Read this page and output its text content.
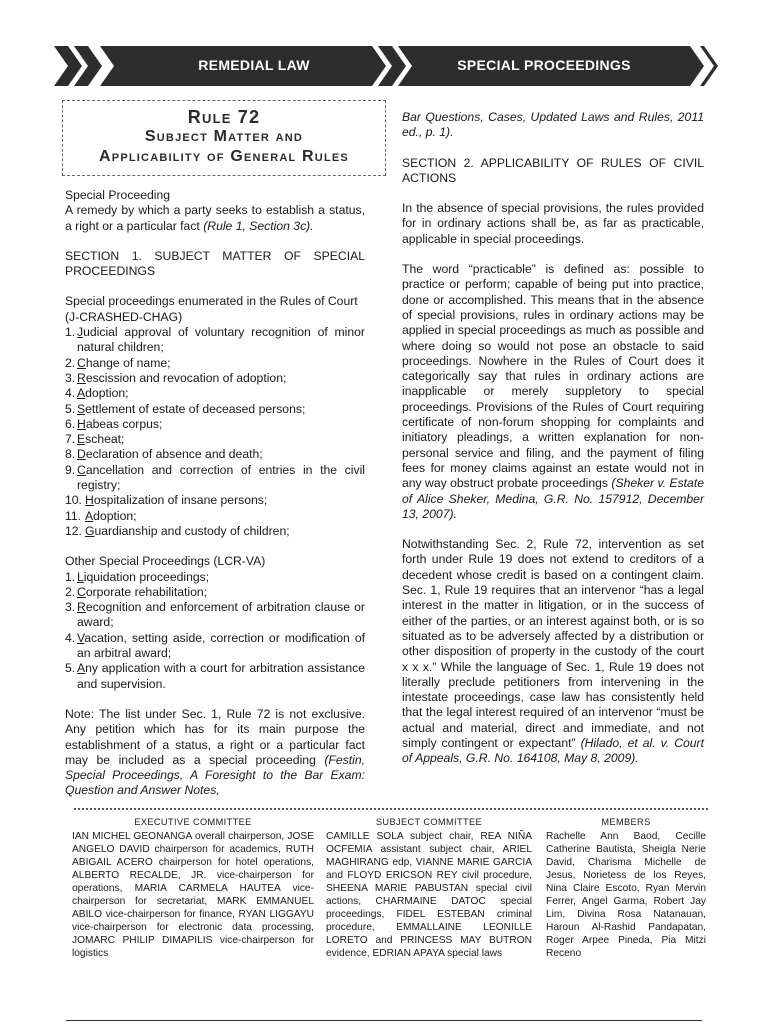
REMEDIAL LAW	SPECIAL PROCEEDINGS
Rule 72
Subject Matter and
Applicability of General Rules
Special Proceeding
A remedy by which a party seeks to establish a status, a right or a particular fact (Rule 1, Section 3c).
SECTION 1. SUBJECT MATTER OF SPECIAL PROCEEDINGS
Special proceedings enumerated in the Rules of Court
(J-CRASHED-CHAG)
1. Judicial approval of voluntary recognition of minor natural children;
2. Change of name;
3. Rescission and revocation of adoption;
4. Adoption;
5. Settlement of estate of deceased persons;
6. Habeas corpus;
7. Escheat;
8. Declaration of absence and death;
9. Cancellation and correction of entries in the civil registry;
10. Hospitalization of insane persons;
11. Adoption;
12. Guardianship and custody of children;
Other Special Proceedings (LCR-VA)
1. Liquidation proceedings;
2. Corporate rehabilitation;
3. Recognition and enforcement of arbitration clause or award;
4. Vacation, setting aside, correction or modification of an arbitral award;
5. Any application with a court for arbitration assistance and supervision.
Note: The list under Sec. 1, Rule 72 is not exclusive. Any petition which has for its main purpose the establishment of a status, a right or a particular fact may be included as a special proceeding (Festin, Special Proceedings, A Foresight to the Bar Exam: Question and Answer Notes,
Bar Questions, Cases, Updated Laws and Rules, 2011 ed., p. 1).
SECTION 2. APPLICABILITY OF RULES OF CIVIL ACTIONS
In the absence of special provisions, the rules provided for in ordinary actions shall be, as far as practicable, applicable in special proceedings.
The word “practicable” is defined as: possible to practice or perform; capable of being put into practice, done or accomplished. This means that in the absence of special provisions, rules in ordinary actions may be applied in special proceedings as much as possible and where doing so would not pose an obstacle to said proceedings. Nowhere in the Rules of Court does it categorically say that rules in ordinary actions are inapplicable or merely suppletory to special proceedings. Provisions of the Rules of Court requiring certificate of non-forum shopping for complaints and initiatory pleadings, a written explanation for non-personal service and filing, and the payment of filing fees for money claims against an estate would not in any way obstruct probate proceedings (Sheker v. Estate of Alice Sheker, Medina, G.R. No. 157912, December 13, 2007).
Notwithstanding Sec. 2, Rule 72, intervention as set forth under Rule 19 does not extend to creditors of a decedent whose credit is based on a contingent claim. Sec. 1, Rule 19 requires that an intervenor “has a legal interest in the matter in litigation, or in the success of either of the parties, or an interest against both, or is so situated as to be adversely affected by a distribution or other disposition of property in the custody of the court x x x.” While the language of Sec. 1, Rule 19 does not literally preclude petitioners from intervening in the intestate proceedings, case law has consistently held that the legal interest required of an intervenor “must be actual and material, direct and immediate, and not simply contingent or expectant” (Hilado, et al. v. Court of Appeals, G.R. No. 164108, May 8, 2009).
EXECUTIVE COMMITTEE
IAN MICHEL GEONANGA overall chairperson, JOSE ANGELO DAVID chairperson for academics, RUTH ABIGAIL ACERO chairperson for hotel operations, ALBERTO RECALDE, JR. vice-chairperson for operations, MARIA CARMELA HAUTEA vice-chairperson for secretariat, MARK EMMANUEL ABILO vice-chairperson for finance, RYAN LIGGAYU vice-chairperson for electronic data processing, JOMARC PHILIP DIMAPILIS vice-chairperson for logistics
SUBJECT COMMITTEE
CAMILLE SOLA subject chair, REA NIÑA OCFEMIA assistant subject chair, ARIEL MAGHIRANG edp, VIANNE MARIE GARCIA and FLOYD ERICSON REY civil procedure, SHEENA MARIE PABUSTAN special civil actions, CHARMAINE DATOC special proceedings, FIDEL ESTEBAN criminal procedure, EMMALLAINE LEONILLE LORETO and PRINCESS MAY BUTRON evidence, EDRIAN APAYA special laws
MEMBERS
Rachelle Ann Baod, Cecille Catherine Bautista, Sheigla Nerie David, Charisma Michelle de Jesus, Norietess de los Reyes, Nina Claire Escoto, Ryan Mervin Ferrer, Angel Garma, Robert Jay Lim, Divina Rosa Natanauan, Haroun Al-Rashid Pandapatan, Roger Arpee Pineda, Pia Mitzi Receno
